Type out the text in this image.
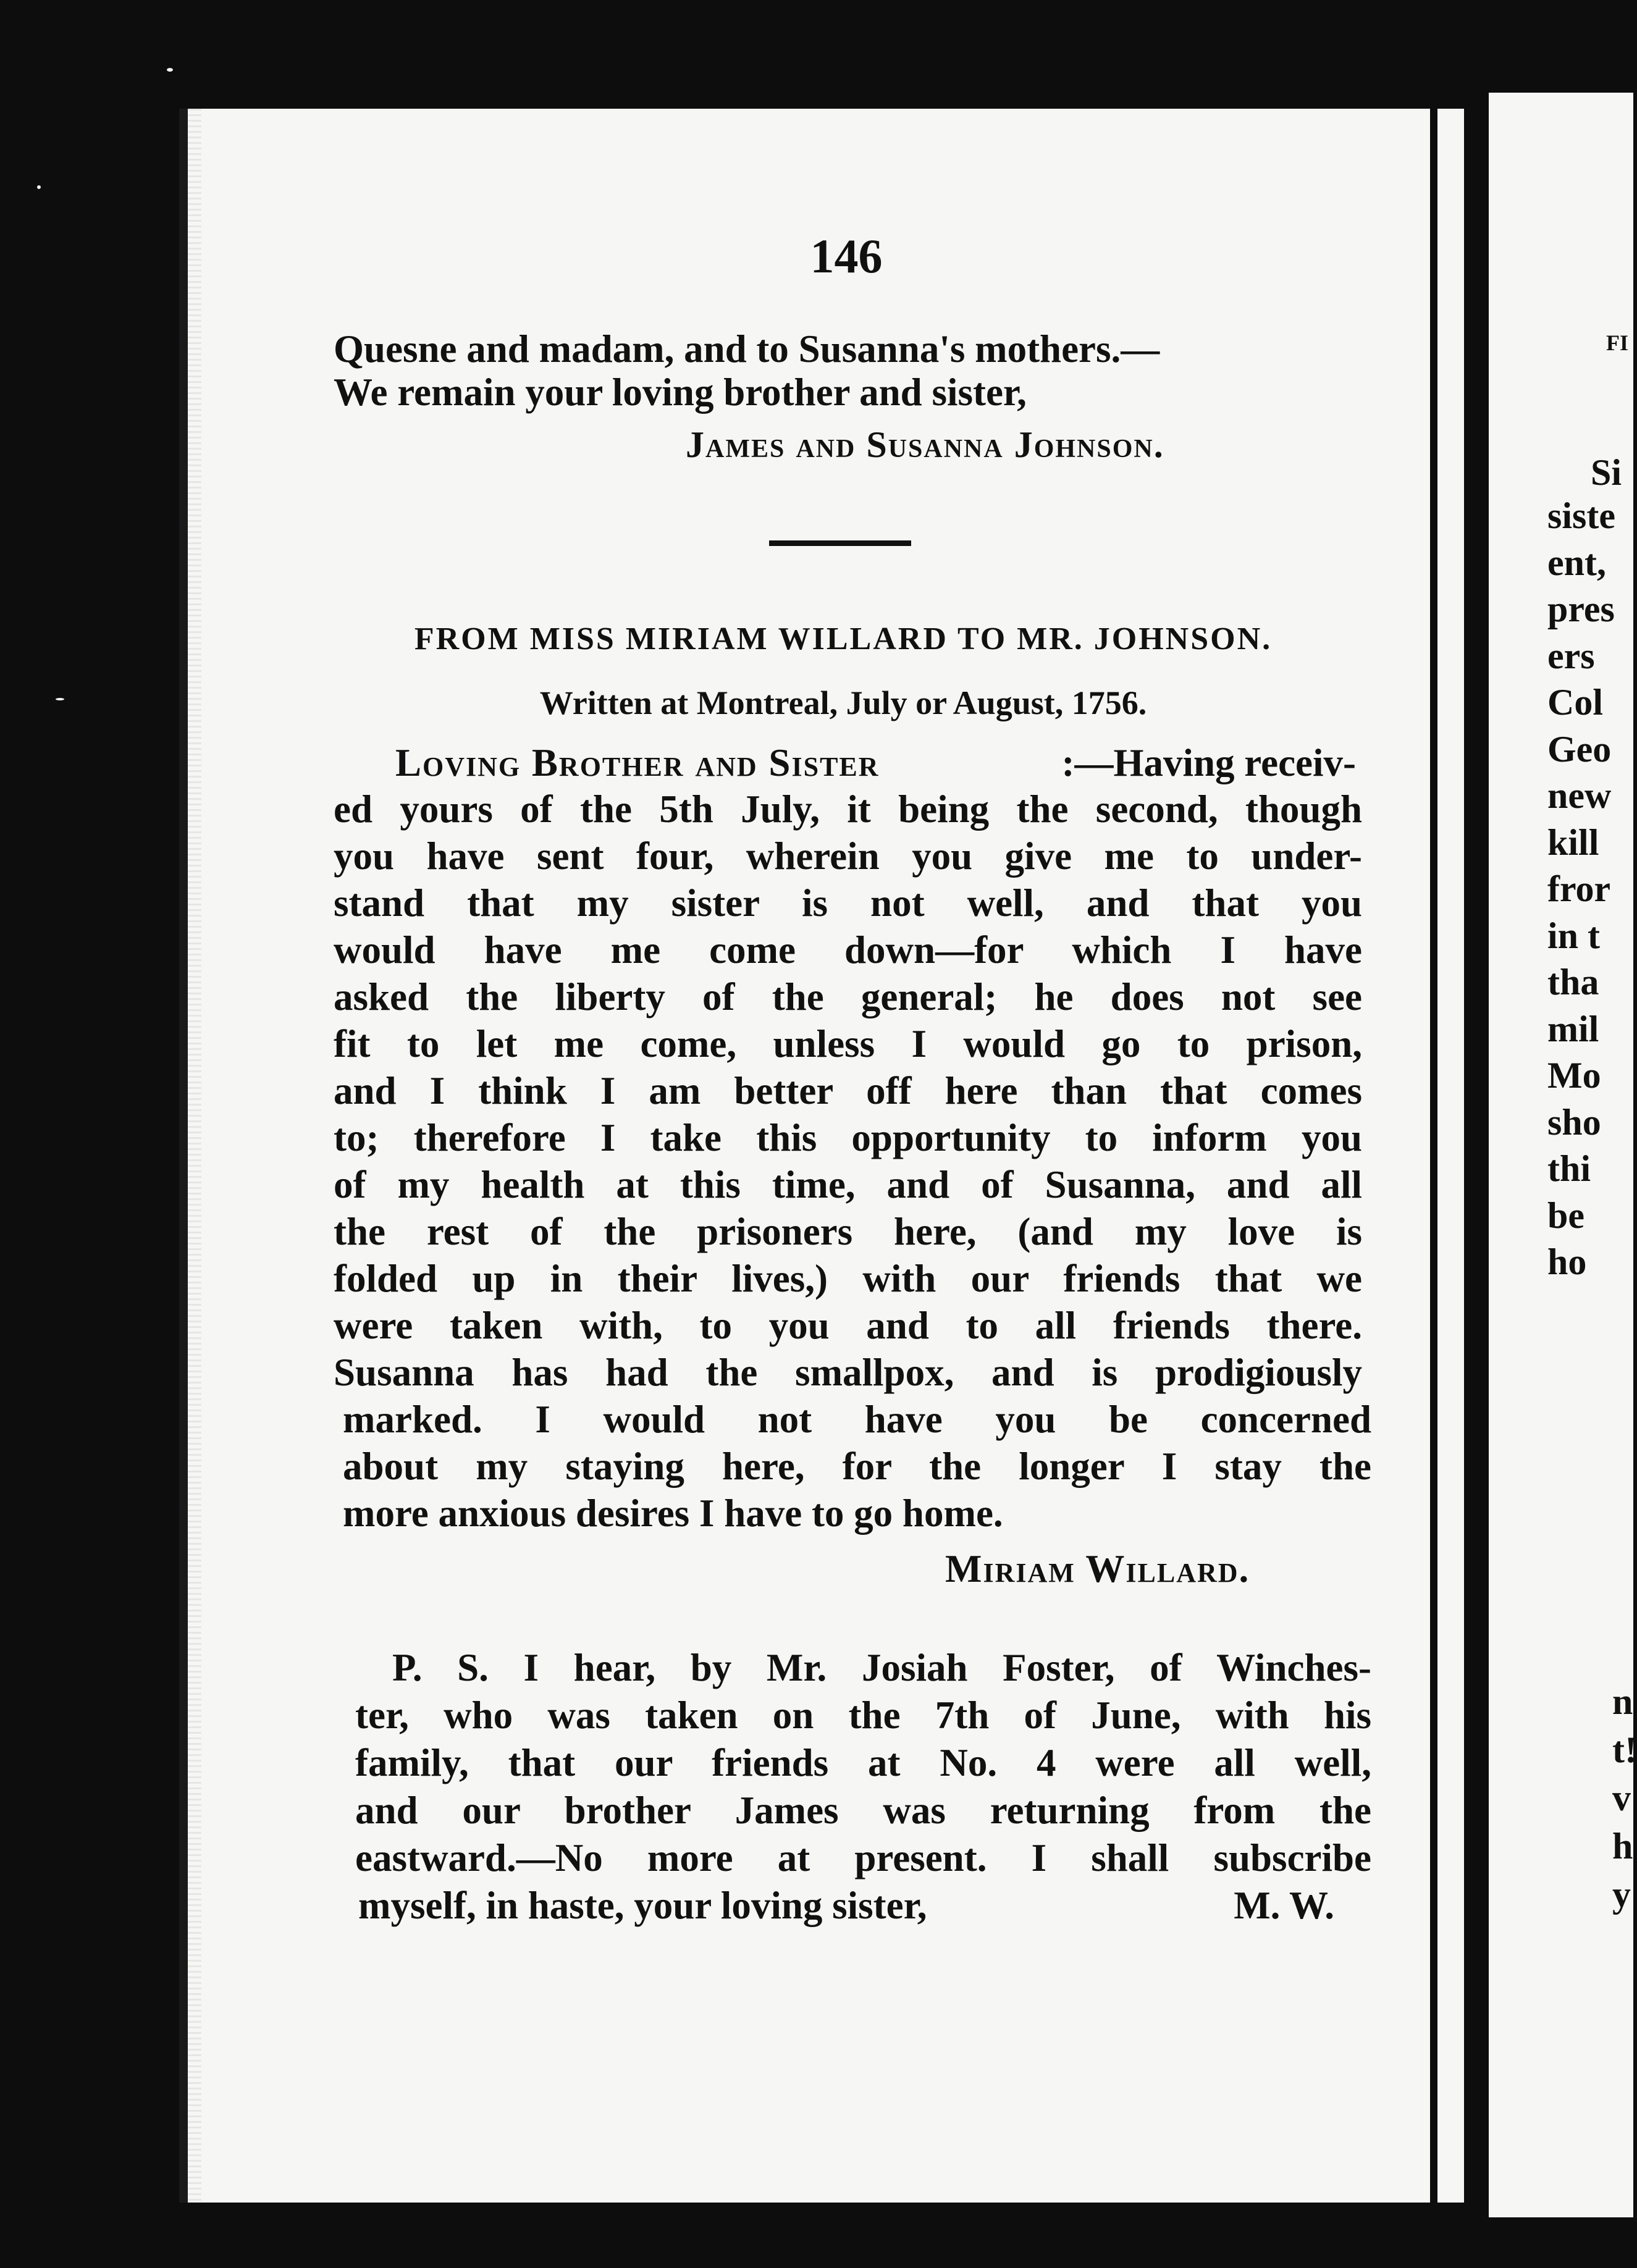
146
Quesne and madam, and to Susanna's mothers.—
We remain your loving brother and sister,
James and Susanna Johnson.
FROM MISS MIRIAM WILLARD TO MR. JOHNSON.
Written at Montreal, July or August, 1756.
Loving Brother and Sister	:—Having receiv-
ed yours of the 5th July, it being the second, though
you have sent four, wherein you give me to under-
stand that my sister is not well, and that you
would have me come down—for which I have
asked the liberty of the general; he does not see
fit to let me come, unless I would go to prison,
and I think I am better off here than that comes
to; therefore I take this opportunity to inform you
of my health at this time, and of Susanna, and all
the rest of the prisoners here, (and my love is
folded up in their lives,) with our friends that we
were taken with, to you and to all friends there.
Susanna has had the smallpox, and is prodigiously
marked. I would not have you be concerned
about my staying here, for the longer I stay the
more anxious desires I have to go home.
Miriam Willard.
P. S. I hear, by Mr. Josiah Foster, of Winches-
ter, who was taken on the 7th of June, with his
family, that our friends at No. 4 were all well,
and our brother James was returning from the
eastward.—No more at present. I shall subscribe
myself, in haste, your loving sister,	M. W.
FI
Si
siste
ent,
pres
ers
Col
Geo
new
kill
fror
in t
tha
mil
Mo
sho
thi
be
ho
n
t!
v
h
y
